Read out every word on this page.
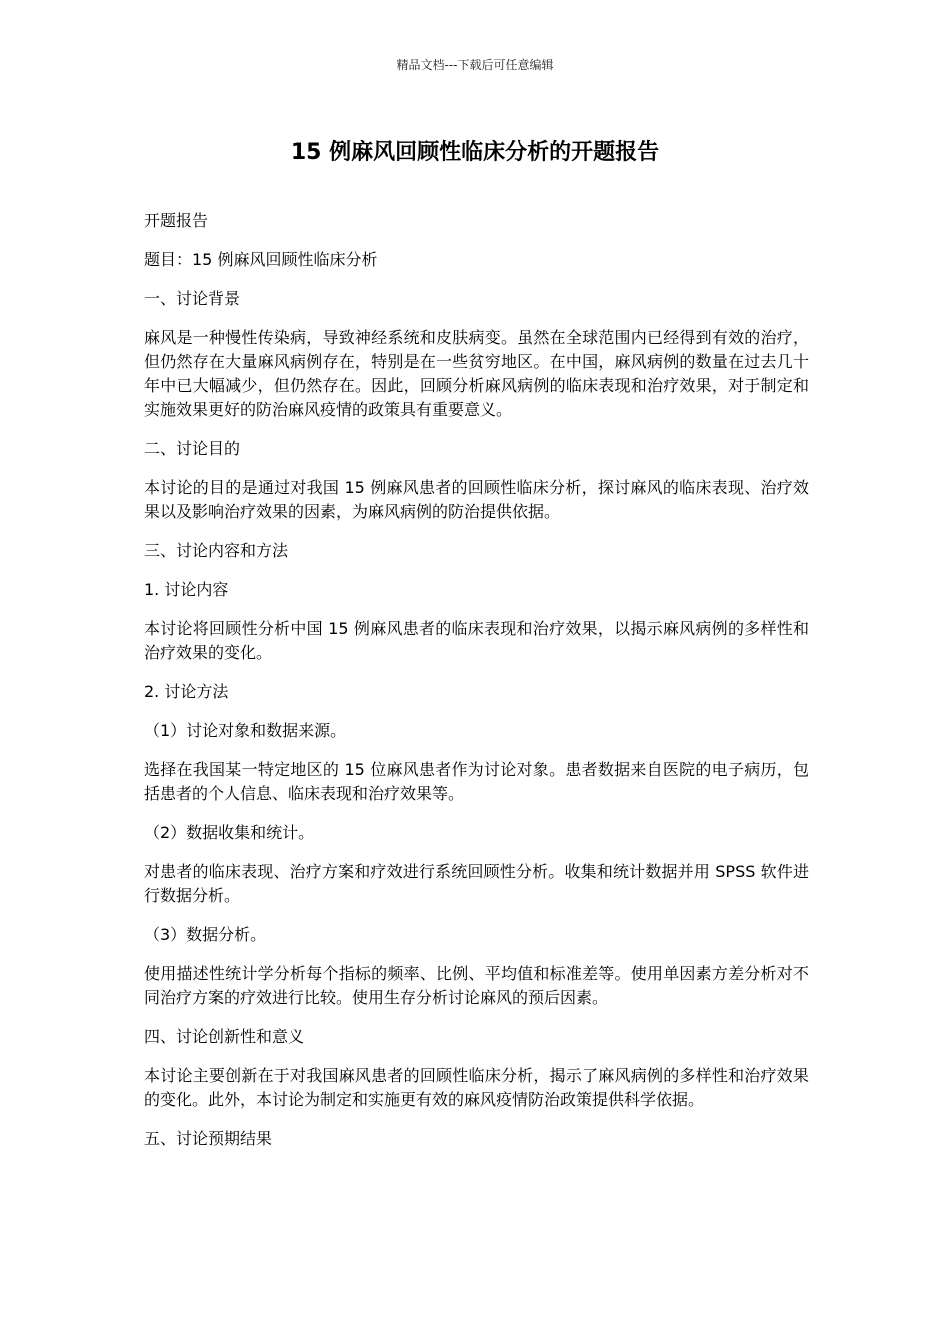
精品文档---下载后可任意编辑
15 例麻风回顾性临床分析的开题报告

开题报告

题目：15 例麻风回顾性临床分析

一、讨论背景

麻风是一种慢性传染病，导致神经系统和皮肤病变。虽然在全球范围内已经得到有效的治疗，但仍然存在大量麻风病例存在，特别是在一些贫穷地区。在中国，麻风病例的数量在过去几十年中已大幅减少，但仍然存在。因此，回顾分析麻风病例的临床表现和治疗效果，对于制定和实施效果更好的防治麻风疫情的政策具有重要意义。

二、讨论目的

本讨论的目的是通过对我国 15 例麻风患者的回顾性临床分析，探讨麻风的临床表现、治疗效果以及影响治疗效果的因素，为麻风病例的防治提供依据。

三、讨论内容和方法

1. 讨论内容

本讨论将回顾性分析中国 15 例麻风患者的临床表现和治疗效果，以揭示麻风病例的多样性和治疗效果的变化。

2. 讨论方法

（1）讨论对象和数据来源。

选择在我国某一特定地区的 15 位麻风患者作为讨论对象。患者数据来自医院的电子病历，包括患者的个人信息、临床表现和治疗效果等。

（2）数据收集和统计。

对患者的临床表现、治疗方案和疗效进行系统回顾性分析。收集和统计数据并用 SPSS 软件进行数据分析。

（3）数据分析。

使用描述性统计学分析每个指标的频率、比例、平均值和标准差等。使用单因素方差分析对不同治疗方案的疗效进行比较。使用生存分析讨论麻风的预后因素。

四、讨论创新性和意义

本讨论主要创新在于对我国麻风患者的回顾性临床分析，揭示了麻风病例的多样性和治疗效果的变化。此外，本讨论为制定和实施更有效的麻风疫情防治政策提供科学依据。

五、讨论预期结果
